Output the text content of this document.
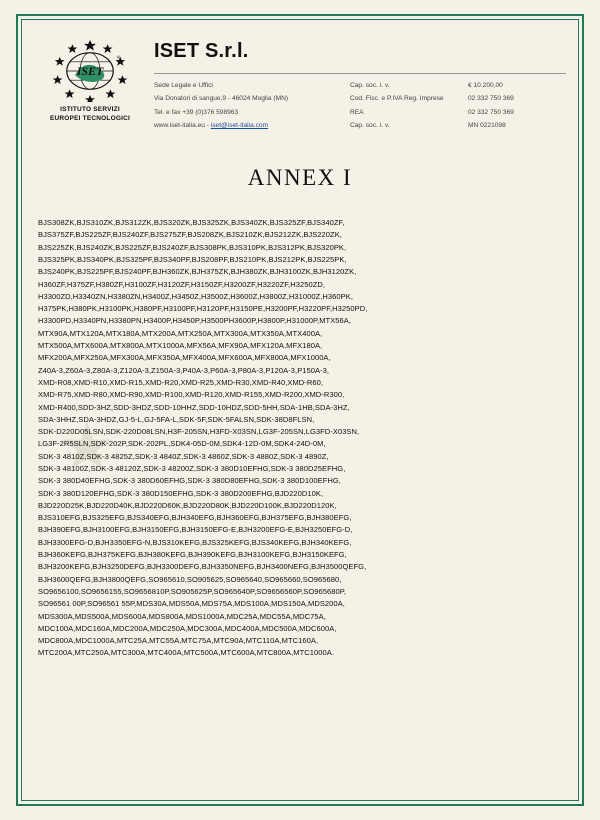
ISET
®
ISTITUTO SERVIZI
EUROPEI TECNOLOGICI
ISET S.r.l.
Sede Legale e Uffici	Cap. soc. i. v.	€ 10.200,00
Via Donatori di sangue,9 - 46024 Moglia (MN)	Cod. Fisc. e P.IVA Reg. Imprese	02 332 750 369
Tel. e fax +39 (0)376 598963	REA	02 332 750 369
www.iset-italia.eu - iset@iset-italia.com	Cap. soc. i. v.	MN 0221098
ANNEX I
BJS308ZK,BJS310ZK,BJS312ZK,BJS320ZK,BJS325ZK,BJS340ZK,BJS325ZF,BJS340ZF,
BJS375ZF,BJS225ZF,BJS240ZF,BJS275ZF,BJS208ZK,BJS210ZK,BJS212ZK,BJS220ZK,
BJS225ZK,BJS240ZK,BJS225ZF,BJS240ZF,BJS308PK,BJS310PK,BJS312PK,BJS320PK,
BJS325PK,BJS340PK,BJS325PF,BJS340PF,BJS208PF,BJS210PK,BJS212PK,BJS225PK,
BJS240PK,BJS225PF,BJS240PF,BJH360ZK,BJH375ZK,BJH380ZK,BJH3100ZK,BJH3120ZK,
H360ZF,H375ZF,H380ZF,H3100ZF,H3120ZF,H3150ZF,H3200ZF,H3220ZF,H3250ZD,
H3300ZD,H3340ZN,H3380ZN,H3400Z,H3450Z,H3500Z,H3600Z,H3800Z,H31000Z,H360PK,
H375PK,H380PK,H3100PK,H380PF,H3100PF,H3120PF,H3150PE,H3200PF,H3220PF,H3250PD,
H3300PD,H3340PN,H3380PN,H3400P,H3450P,H3500PH3600P,H3800P,H31000P,MTX56A,
MTX90A,MTX120A,MTX180A,MTX200A,MTX250A,MTX300A,MTX350A,MTX400A,
MTX500A,MTX600A,MTX800A,MTX1000A,MFX56A,MFX90A,MFX120A,MFX180A,
MFX200A,MFX250A,MFX300A,MFX350A,MFX400A,MFX600A,MFX800A,MFX1000A,
Z40A-3,Z60A-3,Z80A-3,Z120A-3,Z150A-3,P40A-3,P60A-3,P80A-3,P120A-3,P150A-3,
XMD-R08,XMD-R10,XMD-R15,XMD-R20,XMD-R25,XMD-R30,XMD-R40,XMD-R60,
XMD-R75,XMD-R80,XMD-R90,XMD-R100,XMD-R120,XMD-R155,XMD-R200,XMD-R300,
XMD-R400,SDD-3HZ,SDD-3HDZ,SDD-10HHZ,SDD-10HDZ,SDD-5HH,SDA-1HB,SDA-3HZ,
SDA-3HHZ,SDA-3HDZ,GJ-5-L,GJ-5FA-L,SDK-5F,SDK-5FALSN,SDK-38D8FLSN,
SDK-D220D05LSN,SDK-220D08LSN,H3F-205SN,H3FD-X03SN,LG3F-205SN,LG3FD-X03SN,
LG3F-2R5SLN,SDK-202P,SDK-202PL,SDK4-05D-0M,SDK4-12D-0M,SDK4-24D-0M,
SDK-3 4810Z,SDK-3 4825Z,SDK-3 4840Z,SDK-3 4860Z,SDK-3 4880Z,SDK-3 4890Z,
SDK-3 48100Z,SDK-3 48120Z,SDK-3 48200Z,SDK-3 380D10EFHG,SDK-3 380D25EFHG,
SDK-3 380D40EFHG,SDK-3 380D60EFHG,SDK-3 380D80EFHG,SDK-3 380D100EFHG,
SDK-3 380D120EFHG,SDK-3 380D150EFHG,SDK-3 380D200EFHG,BJD220D10K,
BJD220D25K,BJD220D40K,BJD220D60K,BJD220D80K,BJD220D100K,BJD220D120K,
BJS310EFG,BJS325EFG,BJS340EFG,BJH340EFG,BJH360EFG,BJH375EFG,BJH380EFG,
BJH390EFG,BJH3100EFG,BJH3150EFG,BJH3150EFG-E,BJH3200EFG-E,BJH3250EFG-D,
BJH3300EFG-D,BJH3350EFG-N,BJS310KEFG,BJS325KEFG,BJS340KEFG,BJH340KEFG,
BJH360KEFG,BJH375KEFG,BJH380KEFG,BJH390KEFG,BJH3100KEFG,BJH3150KEFG,
BJH3200KEFG,BJH3250DEFG,BJH3300DEFG,BJH3350NEFG,BJH3400NEFG,BJH3500QEFG,
BJH3600QEFG,BJH3800QEFG,SO965610,SO905625,SO965640,SO965660,SO965680,
SO9656100,SO9656155,SO9656810P,SO905625P,SO965640P,SO9656560P,SO965680P,
SO96561 00P,SO96561 55P,MDS30A,MDS50A,MDS75A,MDS100A,MDS150A,MDS200A,
MDS300A,MDS500A,MDS600A,MDS800A,MDS1000A,MDC25A,MDC55A,MDC75A,
MDC100A,MDC160A,MDC200A,MDC250A,MDC300A,MDC400A,MDC500A,MDC600A,
MDC800A,MDC1000A,MTC25A,MTC55A,MTC75A,MTC90A,MTC110A,MTC160A,
MTC200A,MTC250A,MTC300A,MTC400A,MTC500A,MTC600A,MTC800A,MTC1000A.
